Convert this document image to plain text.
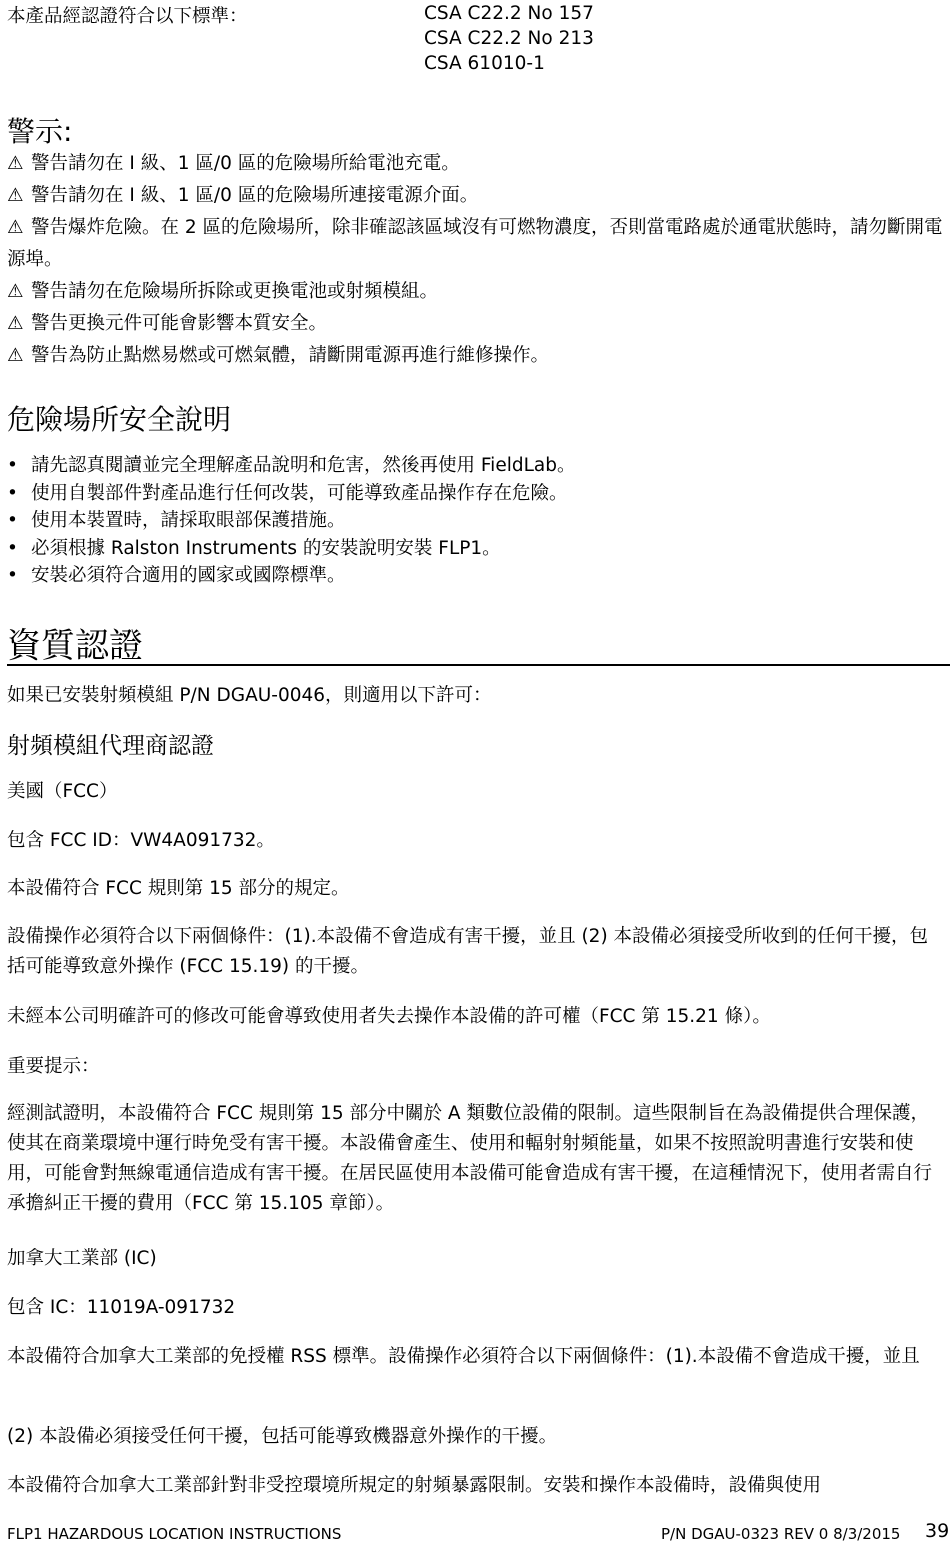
本產品經認證符合以下標準：	CSA C22.2 No 157
CSA C22.2 No 213
CSA 61010-1
警示:

⚠ 警告請勿在 I 級、1 區/0 區的危險場所給電池充電。

⚠ 警告請勿在 I 級、1 區/0 區的危險場所連接電源介面。

⚠ 警告爆炸危險。在 2 區的危險場所，除非確認該區域沒有可燃物濃度，否則當電路處於通電狀態時，請勿斷開電源埠。

⚠ 警告請勿在危險場所拆除或更換電池或射頻模組。

⚠ 警告更換元件可能會影響本質安全。

⚠ 警告為防止點燃易燃或可燃氣體，請斷開電源再進行維修操作。

危險場所安全說明
• 請先認真閱讀並完全理解產品說明和危害，然後再使用 FieldLab。
• 使用自製部件對產品進行任何改裝，可能導致產品操作存在危險。
• 使用本裝置時，請採取眼部保護措施。
• 必須根據 Ralston Instruments 的安裝說明安裝 FLP1。
• 安裝必須符合適用的國家或國際標準。
資質認證
如果已安裝射頻模組 P/N DGAU-0046，則適用以下許可：
射頻模組代理商認證
美國（FCC）
包含 FCC ID：VW4A091732。
本設備符合 FCC 規則第 15 部分的規定。
設備操作必須符合以下兩個條件：(1).本設備不會造成有害干擾，並且 (2) 本設備必須接受所收到的任何干擾，包括可能導致意外操作 (FCC 15.19) 的干擾。
未經本公司明確許可的修改可能會導致使用者失去操作本設備的許可權（FCC 第 15.21 條）。
重要提示：
經測試證明，本設備符合 FCC 規則第 15 部分中關於 A 類數位設備的限制。這些限制旨在為設備提供合理保護，使其在商業環境中運行時免受有害干擾。本設備會產生、使用和輻射射頻能量，如果不按照說明書進行安裝和使用，可能會對無線電通信造成有害干擾。在居民區使用本設備可能會造成有害干擾，在這種情況下，使用者需自行承擔糾正干擾的費用（FCC 第 15.105 章節）。
加拿大工業部 (IC)
包含 IC：11019A-091732
本設備符合加拿大工業部的免授權 RSS 標準。設備操作必須符合以下兩個條件：(1).本設備不會造成干擾，並且
(2) 本設備必須接受任何干擾，包括可能導致機器意外操作的干擾。
本設備符合加拿大工業部針對非受控環境所規定的射頻暴露限制。安裝和操作本設備時，設備與使用
FLP1 HAZARDOUS LOCATION INSTRUCTIONS	P/N DGAU-0323 REV 0 8/3/2015 39
